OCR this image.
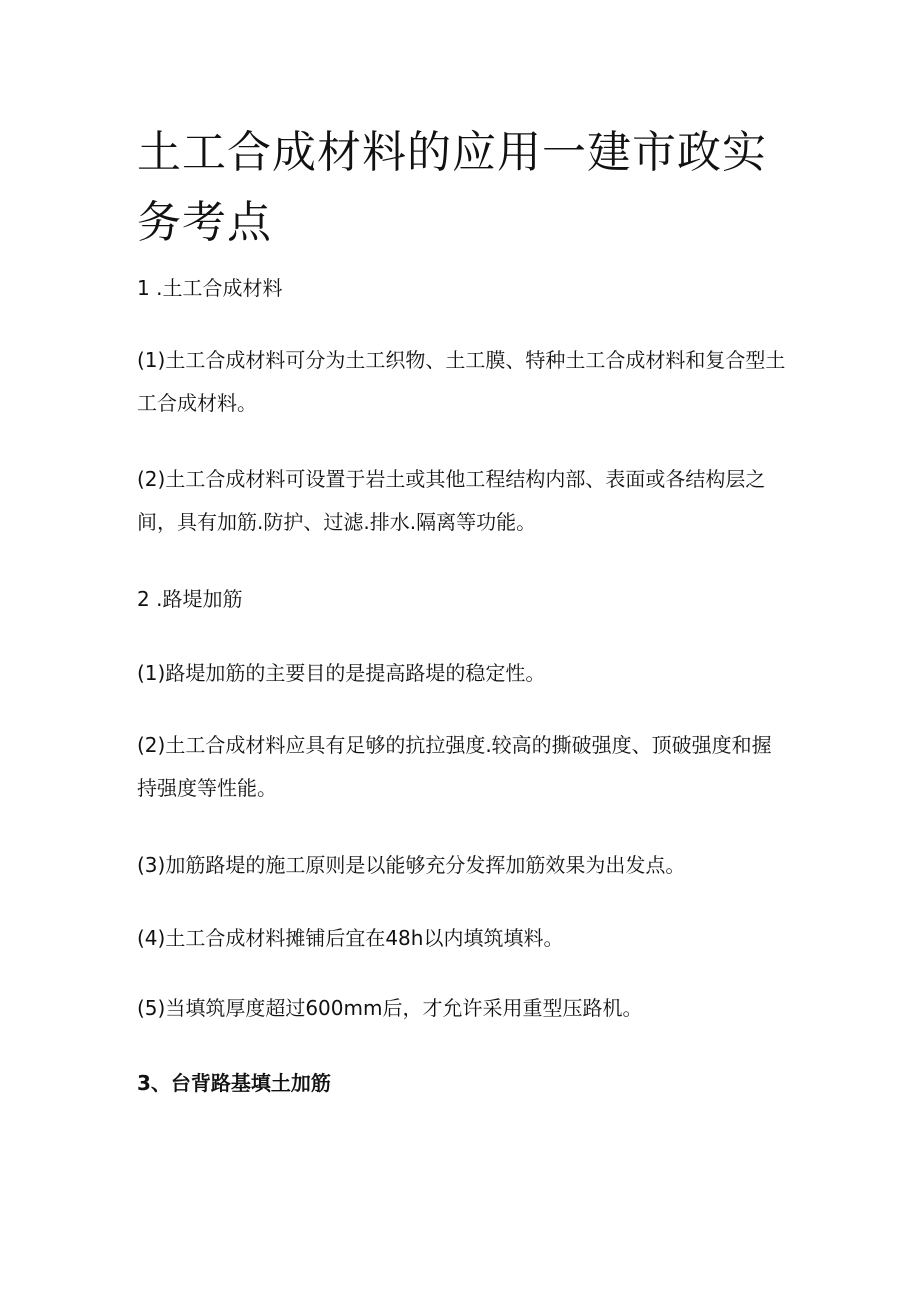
土工合成材料的应用一建市政实务考点

1 .土工合成材料

(1)土工合成材料可分为土工织物、土工膜、特种土工合成材料和复合型土工合成材料。

(2)土工合成材料可设置于岩土或其他工程结构内部、表面或各结构层之间，具有加筋.防护、过滤.排水.隔离等功能。

2 .路堤加筋

(1)路堤加筋的主要目的是提高路堤的稳定性。

(2)土工合成材料应具有足够的抗拉强度.较高的撕破强度、顶破强度和握持强度等性能。

(3)加筋路堤的施工原则是以能够充分发挥加筋效果为出发点。

(4)土工合成材料摊铺后宜在48h以内填筑填料。

(5)当填筑厚度超过600mm后，才允许采用重型压路机。

3、台背路基填土加筋
